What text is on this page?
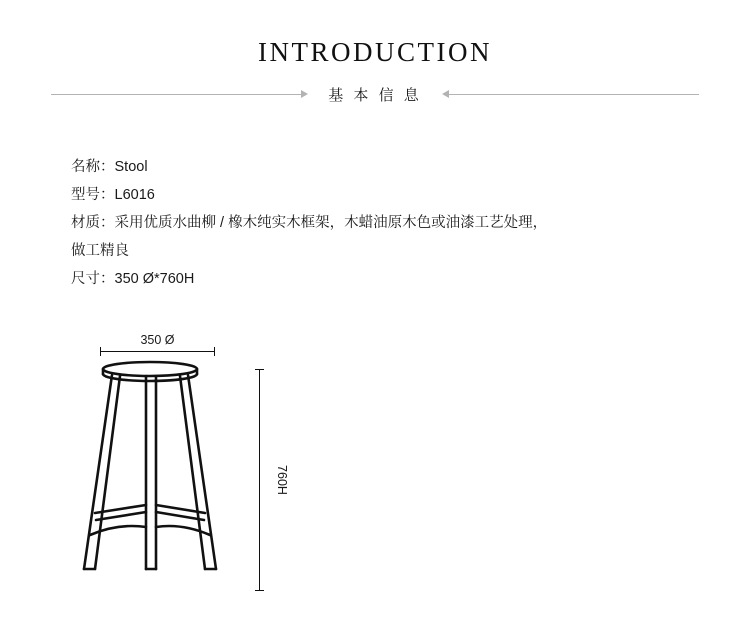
INTRODUCTION
基 本 信 息
名称：Stool
型号：L6016
材质：采用优质水曲柳 / 橡木纯实木框架，木蜡油原木色或油漆工艺处理，
做工精良
尺寸：350 Ø*760H
350 Ø
760H
